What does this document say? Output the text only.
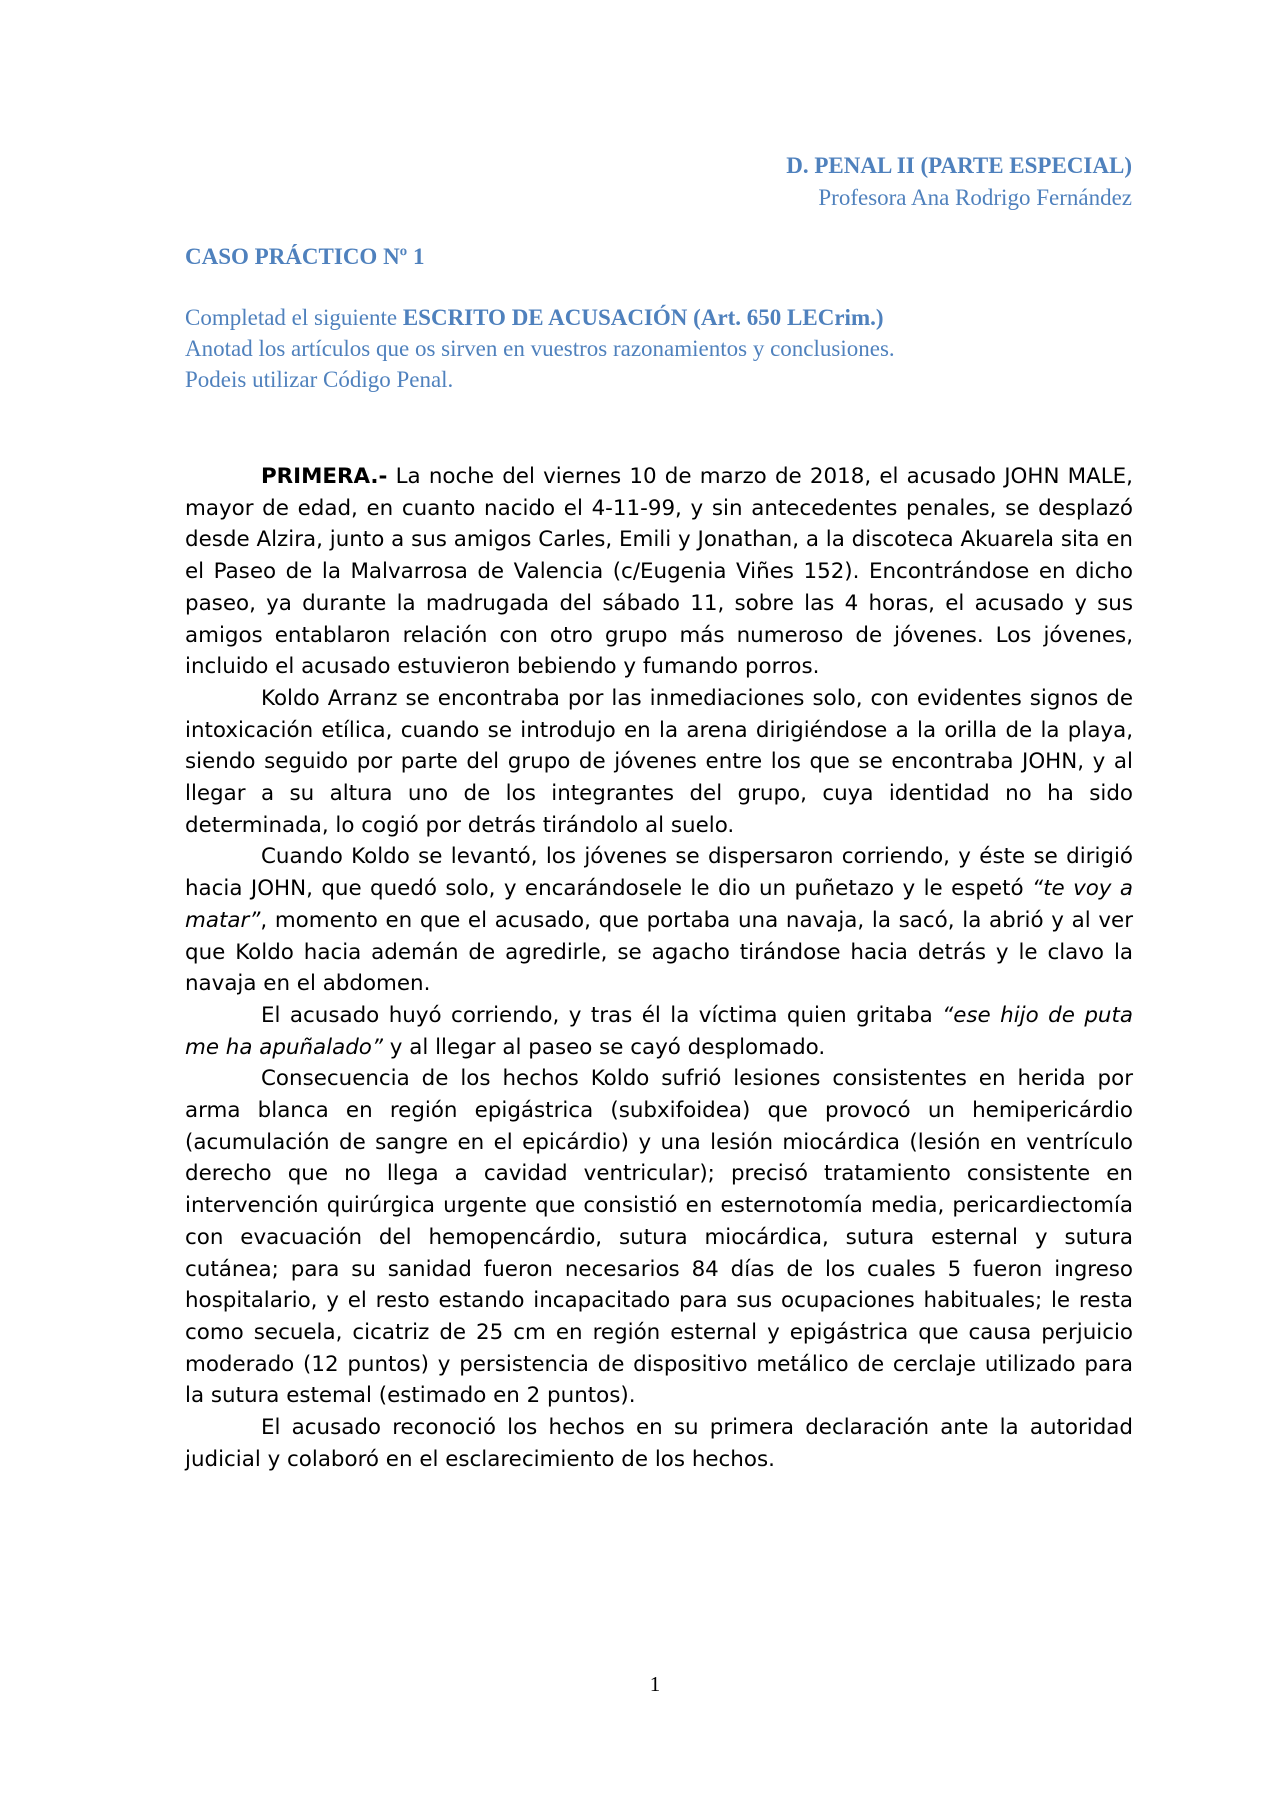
D. PENAL II (PARTE ESPECIAL)
Profesora Ana Rodrigo Fernández
CASO PRÁCTICO Nº 1
Completad el siguiente ESCRITO DE ACUSACIÓN (Art. 650 LECrim.)
Anotad los artículos que os sirven en vuestros razonamientos y conclusiones.
Podeis utilizar Código Penal.

PRIMERA.- La noche del viernes 10 de marzo de 2018, el acusado JOHN MALE, mayor de edad, en cuanto nacido el 4-11-99, y sin antecedentes penales, se desplazó desde Alzira, junto a sus amigos Carles, Emili y Jonathan, a la discoteca Akuarela sita en el Paseo de la Malvarrosa de Valencia (c/Eugenia Viñes 152). Encontrándose en dicho paseo, ya durante la madrugada del sábado 11, sobre las 4 horas, el acusado y sus amigos entablaron relación con otro grupo más numeroso de jóvenes. Los jóvenes, incluido el acusado estuvieron bebiendo y fumando porros.

Koldo Arranz se encontraba por las inmediaciones solo, con evidentes signos de intoxicación etílica, cuando se introdujo en la arena dirigiéndose a la orilla de la playa, siendo seguido por parte del grupo de jóvenes entre los que se encontraba JOHN, y al llegar a su altura uno de los integrantes del grupo, cuya identidad no ha sido determinada, lo cogió por detrás tirándolo al suelo.

Cuando Koldo se levantó, los jóvenes se dispersaron corriendo, y éste se dirigió hacia JOHN, que quedó solo, y encarándosele le dio un puñetazo y le espetó “te voy a matar”, momento en que el acusado, que portaba una navaja, la sacó, la abrió y al ver que Koldo hacia ademán de agredirle, se agacho tirándose hacia detrás y le clavo la navaja en el abdomen.

El acusado huyó corriendo, y tras él la víctima quien gritaba “ese hijo de puta me ha apuñalado” y al llegar al paseo se cayó desplomado.

Consecuencia de los hechos Koldo sufrió lesiones consistentes en herida por arma blanca en región epigástrica (subxifoidea) que provocó un hemipericárdio (acumulación de sangre en el epicárdio) y una lesión miocárdica (lesión en ventrículo derecho que no llega a cavidad ventricular); precisó tratamiento consistente en intervención quirúrgica urgente que consistió en esternotomía media, pericardiectomía con evacuación del hemopencárdio, sutura miocárdica, sutura esternal y sutura cutánea; para su sanidad fueron necesarios 84 días de los cuales 5 fueron ingreso hospitalario, y el resto estando incapacitado para sus ocupaciones habituales; le resta como secuela, cicatriz de 25 cm en región esternal y epigástrica que causa perjuicio moderado (12 puntos) y persistencia de dispositivo metálico de cerclaje utilizado para la sutura estemal (estimado en 2 puntos).

El acusado reconoció los hechos en su primera declaración ante la autoridad judicial y colaboró en el esclarecimiento de los hechos.

1
